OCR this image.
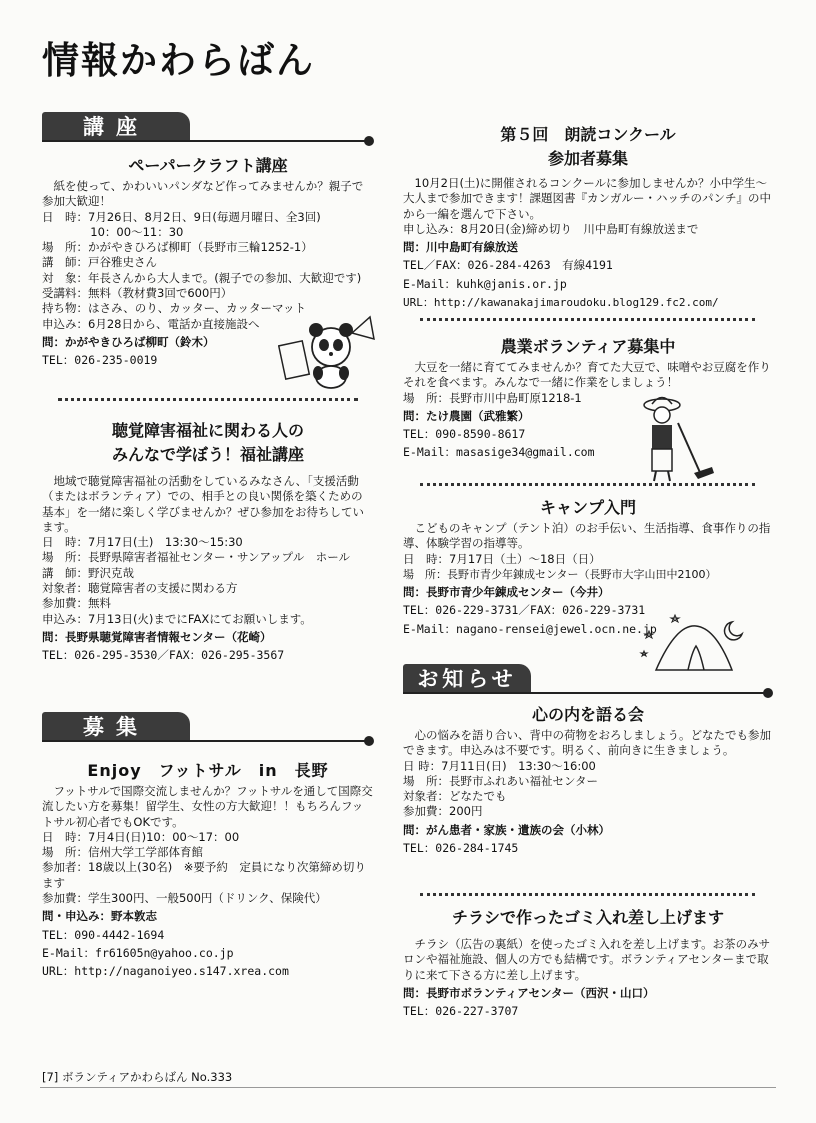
情報かわらばん
講座
ペーパークラフト講座

紙を使って、かわいいパンダなど作ってみませんか？親子で参加大歓迎！

日　時：7月26日、8月2日、9日(毎週月曜日、全3回)
10：00～11：30
場　所：かがやきひろば柳町（長野市三輪1252-1）
講　師：戸谷雅史さん
対　象：年長さんから大人まで。(親子での参加、大歓迎です)
受講料：無料（教材費3回で600円）
持ち物：はさみ、のり、カッター、カッターマット
申込み：6月28日から、電話か直接施設へ
問：かがやきひろば柳町（鈴木）
TEL：026-235-0019
聴覚障害福祉に関わる人の
みんなで学ぼう！福祉講座

地域で聴覚障害福祉の活動をしているみなさん、「支援活動（またはボランティア）での、相手との良い関係を築くための基本」を一緒に楽しく学びませんか？ぜひ参加をお待ちしています。

日　時：7月17日(土)　13:30～15:30
場　所：長野県障害者福祉センター・サンアップル　ホール
講　師：野沢克哉
対象者：聴覚障害者の支援に関わる方
参加費：無料
申込み：7月13日(火)までにFAXにてお願いします。
問：長野県聴覚障害者情報センター（花崎）
TEL：026-295-3530／FAX：026-295-3567
募集
Enjoy　フットサル　in　長野

フットサルで国際交流しませんか？フットサルを通して国際交流したい方を募集！留学生、女性の方大歓迎！！もちろんフットサル初心者でもOKです。

日　時：7月4日(日)10：00～17：00
場　所：信州大学工学部体育館
参加者：18歳以上(30名)　※要予約　定員になり次第締め切ります
参加費：学生300円、一般500円（ドリンク、保険代）
問・申込み：野本敦志
TEL：090-4442-1694
E-Mail：fr61605n@yahoo.co.jp
URL：http://naganoiyeo.s147.xrea.com
第５回　朗読コンクール
参加者募集

10月2日(土)に開催されるコンクールに参加しませんか？小中学生～大人まで参加できます！課題図書『カンガルー・ハッチのパンチ』の中から一編を選んで下さい。

申し込み：8月20日(金)締め切り　川中島町有線放送まで
問：川中島町有線放送
TEL／FAX：026-284-4263　有線4191
E-Mail：kuhk@janis.or.jp
URL：http://kawanakajimaroudoku.blog129.fc2.com/
農業ボランティア募集中

大豆を一緒に育ててみませんか？育てた大豆で、味噌やお豆腐を作りそれを食べます。みんなで一緒に作業をしましょう！

場　所：長野市川中島町原1218-1
問：たけ農園（武雅繁）
TEL：090-8590-8617
E-Mail：masasige34@gmail.com
キャンプ入門

こどものキャンプ（テント泊）のお手伝い、生活指導、食事作りの指導、体験学習の指導等。

日　時：7月17日（土）～18日（日）
場　所：長野市青少年錬成センター（長野市大字山田中2100）
問：長野市青少年錬成センター（今井）
TEL：026-229-3731／FAX：026-229-3731
E-Mail：nagano-rensei@jewel.ocn.ne.jp
お知らせ
心の内を語る会

心の悩みを語り合い、背中の荷物をおろしましょう。どなたでも参加できます。申込みは不要です。明るく、前向きに生きましょう。

日 時：7月11日(日)　13:30～16:00
場　所：長野市ふれあい福祉センター
対象者：どなたでも
参加費：200円
問：がん患者・家族・遺族の会（小林）
TEL：026-284-1745
チラシで作ったゴミ入れ差し上げます

チラシ（広告の裏紙）を使ったゴミ入れを差し上げます。お茶のみサロンや福祉施設、個人の方でも結構です。ボランティアセンターまで取りに来て下さる方に差し上げます。

問：長野市ボランティアセンター（西沢・山口）
TEL：026-227-3707
[7] ボランティアかわらばん No.333
